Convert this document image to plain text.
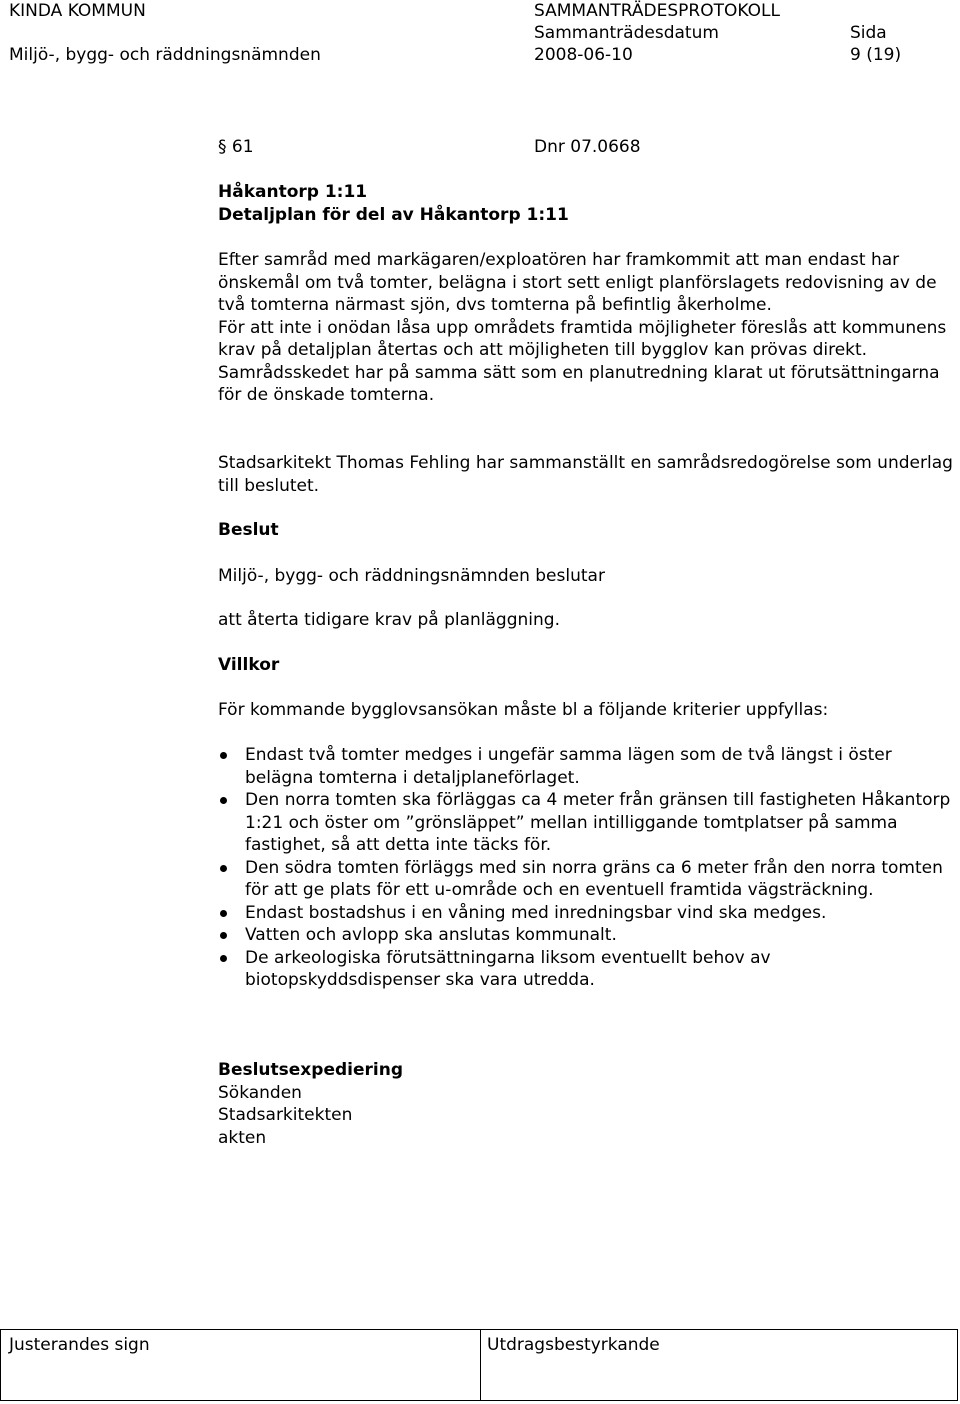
KINDA KOMMUN
Miljö-, bygg- och räddningsnämnden
SAMMANTRÄDESPROTOKOLL
Sammanträdesdatum
2008-06-10
Sida
9 (19)
§ 61	Dnr 07.0668
Håkantorp 1:11
Detaljplan för del av Håkantorp 1:11

Efter samråd med markägaren/exploatören har framkommit att man endast har önskemål om två tomter, belägna i stort sett enligt planförslagets redovisning av de två tomterna närmast sjön, dvs tomterna på befintlig åkerholme.

För att inte i onödan låsa upp områdets framtida möjligheter föreslås att kommunens krav på detaljplan återtas och att möjligheten till bygglov kan prövas direkt. Samrådsskedet har på samma sätt som en planutredning klarat ut förutsättningarna för de önskade tomterna.

Stadsarkitekt Thomas Fehling har sammanställt en samrådsredogörelse som underlag till beslutet.

Beslut
Miljö-, bygg- och räddningsnämnden beslutar
att återta tidigare krav på planläggning.
Villkor
För kommande bygglovsansökan måste bl a följande kriterier uppfyllas:
Endast två tomter medges i ungefär samma lägen som de två längst i öster belägna tomterna i detaljplaneförlaget.
Den norra tomten ska förläggas ca 4 meter från gränsen till fastigheten Håkantorp 1:21 och öster om ”grönsläppet” mellan intilliggande tomtplatser på samma fastighet, så att detta inte täcks för.
Den södra tomten förläggs med sin norra gräns ca 6 meter från den norra tomten för att ge plats för ett u-område och en eventuell framtida vägsträckning.
Endast bostadshus i en våning med inredningsbar vind ska medges.
Vatten och avlopp ska anslutas kommunalt.
De arkeologiska förutsättningarna liksom eventuellt behov av biotopskyddsdispenser ska vara utredda.
Beslutsexpediering
Sökanden
Stadsarkitekten
akten
Justerandes sign	Utdragsbestyrkande
